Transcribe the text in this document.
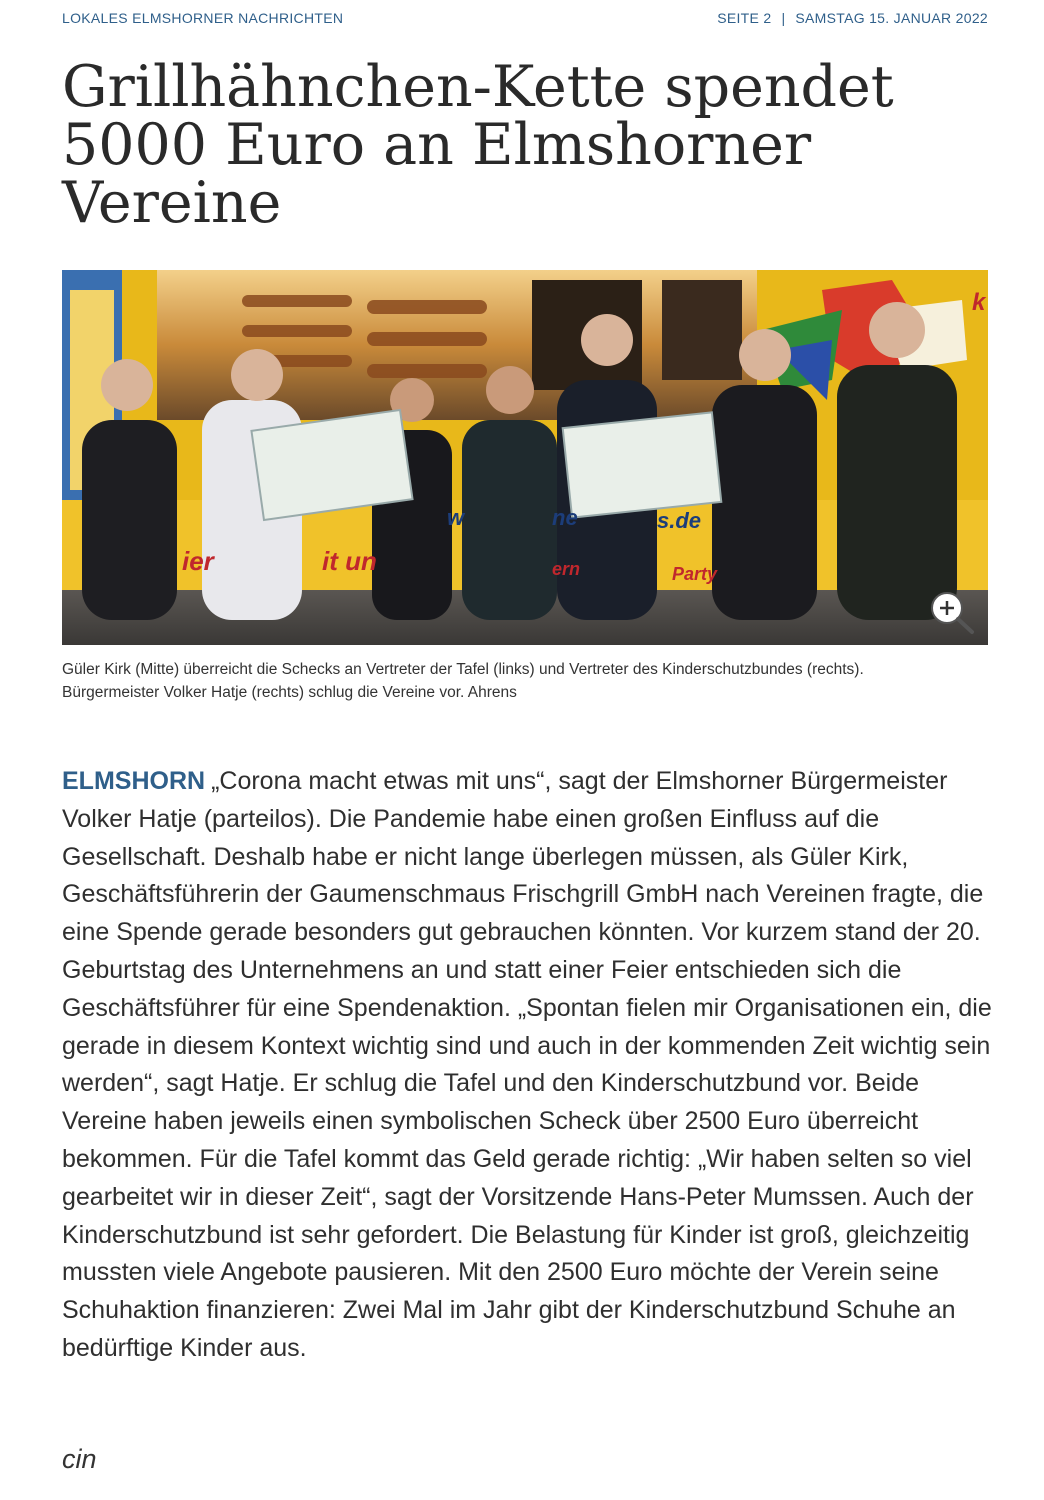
LOKALES ELMSHORNER NACHRICHTEN	SEITE 2 | SAMSTAG 15. JANUAR 2022
Grillhähnchen-Kette spendet 5000 Euro an Elmshorner Vereine
ier	it un
w	ne	s.de
ern	Party
k
Güler Kirk (Mitte) überreicht die Schecks an Vertreter der Tafel (links) und Vertreter des Kinderschutzbundes (rechts).
Bürgermeister Volker Hatje (rechts) schlug die Vereine vor. Ahrens
ELMSHORN „Corona macht etwas mit uns“, sagt der Elmshorner Bürgermeister Volker Hatje (parteilos). Die Pandemie habe einen großen Einfluss auf die Gesellschaft. Deshalb habe er nicht lange überlegen müssen, als Güler Kirk, Geschäftsführerin der Gaumenschmaus Frischgrill GmbH nach Vereinen fragte, die eine Spende gerade besonders gut gebrauchen könnten. Vor kurzem stand der 20. Geburtstag des Unternehmens an und statt einer Feier entschieden sich die Geschäftsführer für eine Spendenaktion. „Spontan fielen mir Organisationen ein, die gerade in diesem Kontext wichtig sind und auch in der kommenden Zeit wichtig sein werden“, sagt Hatje. Er schlug die Tafel und den Kinderschutzbund vor. Beide Vereine haben jeweils einen symbolischen Scheck über 2500 Euro überreicht bekommen. Für die Tafel kommt das Geld gerade richtig: „Wir haben selten so viel gearbeitet wir in dieser Zeit“, sagt der Vorsitzende Hans-Peter Mumssen. Auch der Kinderschutzbund ist sehr gefordert. Die Belastung für Kinder ist groß, gleichzeitig mussten viele Angebote pausieren. Mit den 2500 Euro möchte der Verein seine Schuhaktion finanzieren: Zwei Mal im Jahr gibt der Kinderschutzbund Schuhe an bedürftige Kinder aus.
cin
